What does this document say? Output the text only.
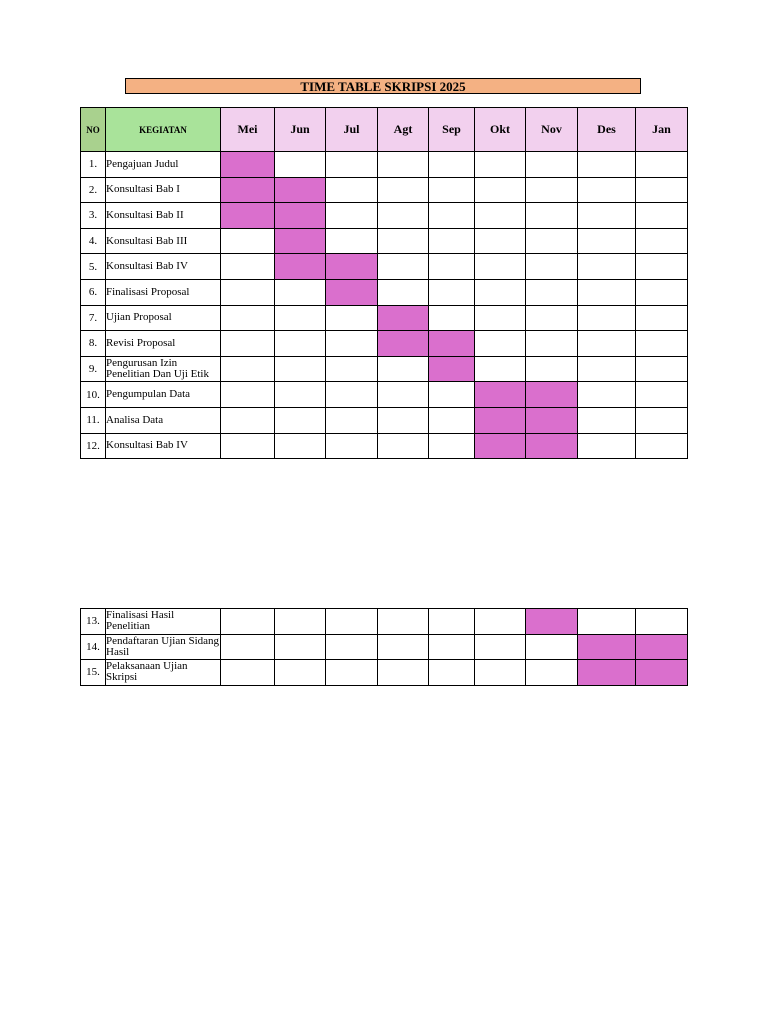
TIME TABLE SKRIPSI 2025
NO	KEGIATAN	Mei	Jun	Jul	Agt	Sep	Okt	Nov	Des	Jan
1.	Pengajuan Judul									
2.	Konsultasi Bab I									
3.	Konsultasi Bab II									
4.	Konsultasi Bab III									
5.	Konsultasi Bab IV									
6.	Finalisasi Proposal									
7.	Ujian Proposal									
8.	Revisi Proposal									
9.	Pengurusan Izin Penelitian Dan Uji Etik									
10.	Pengumpulan Data									
11.	Analisa Data									
12.	Konsultasi Bab IV									
13.	Finalisasi Hasil Penelitian									
14.	Pendaftaran Ujian Sidang Hasil									
15.	Pelaksanaan Ujian Skripsi									
